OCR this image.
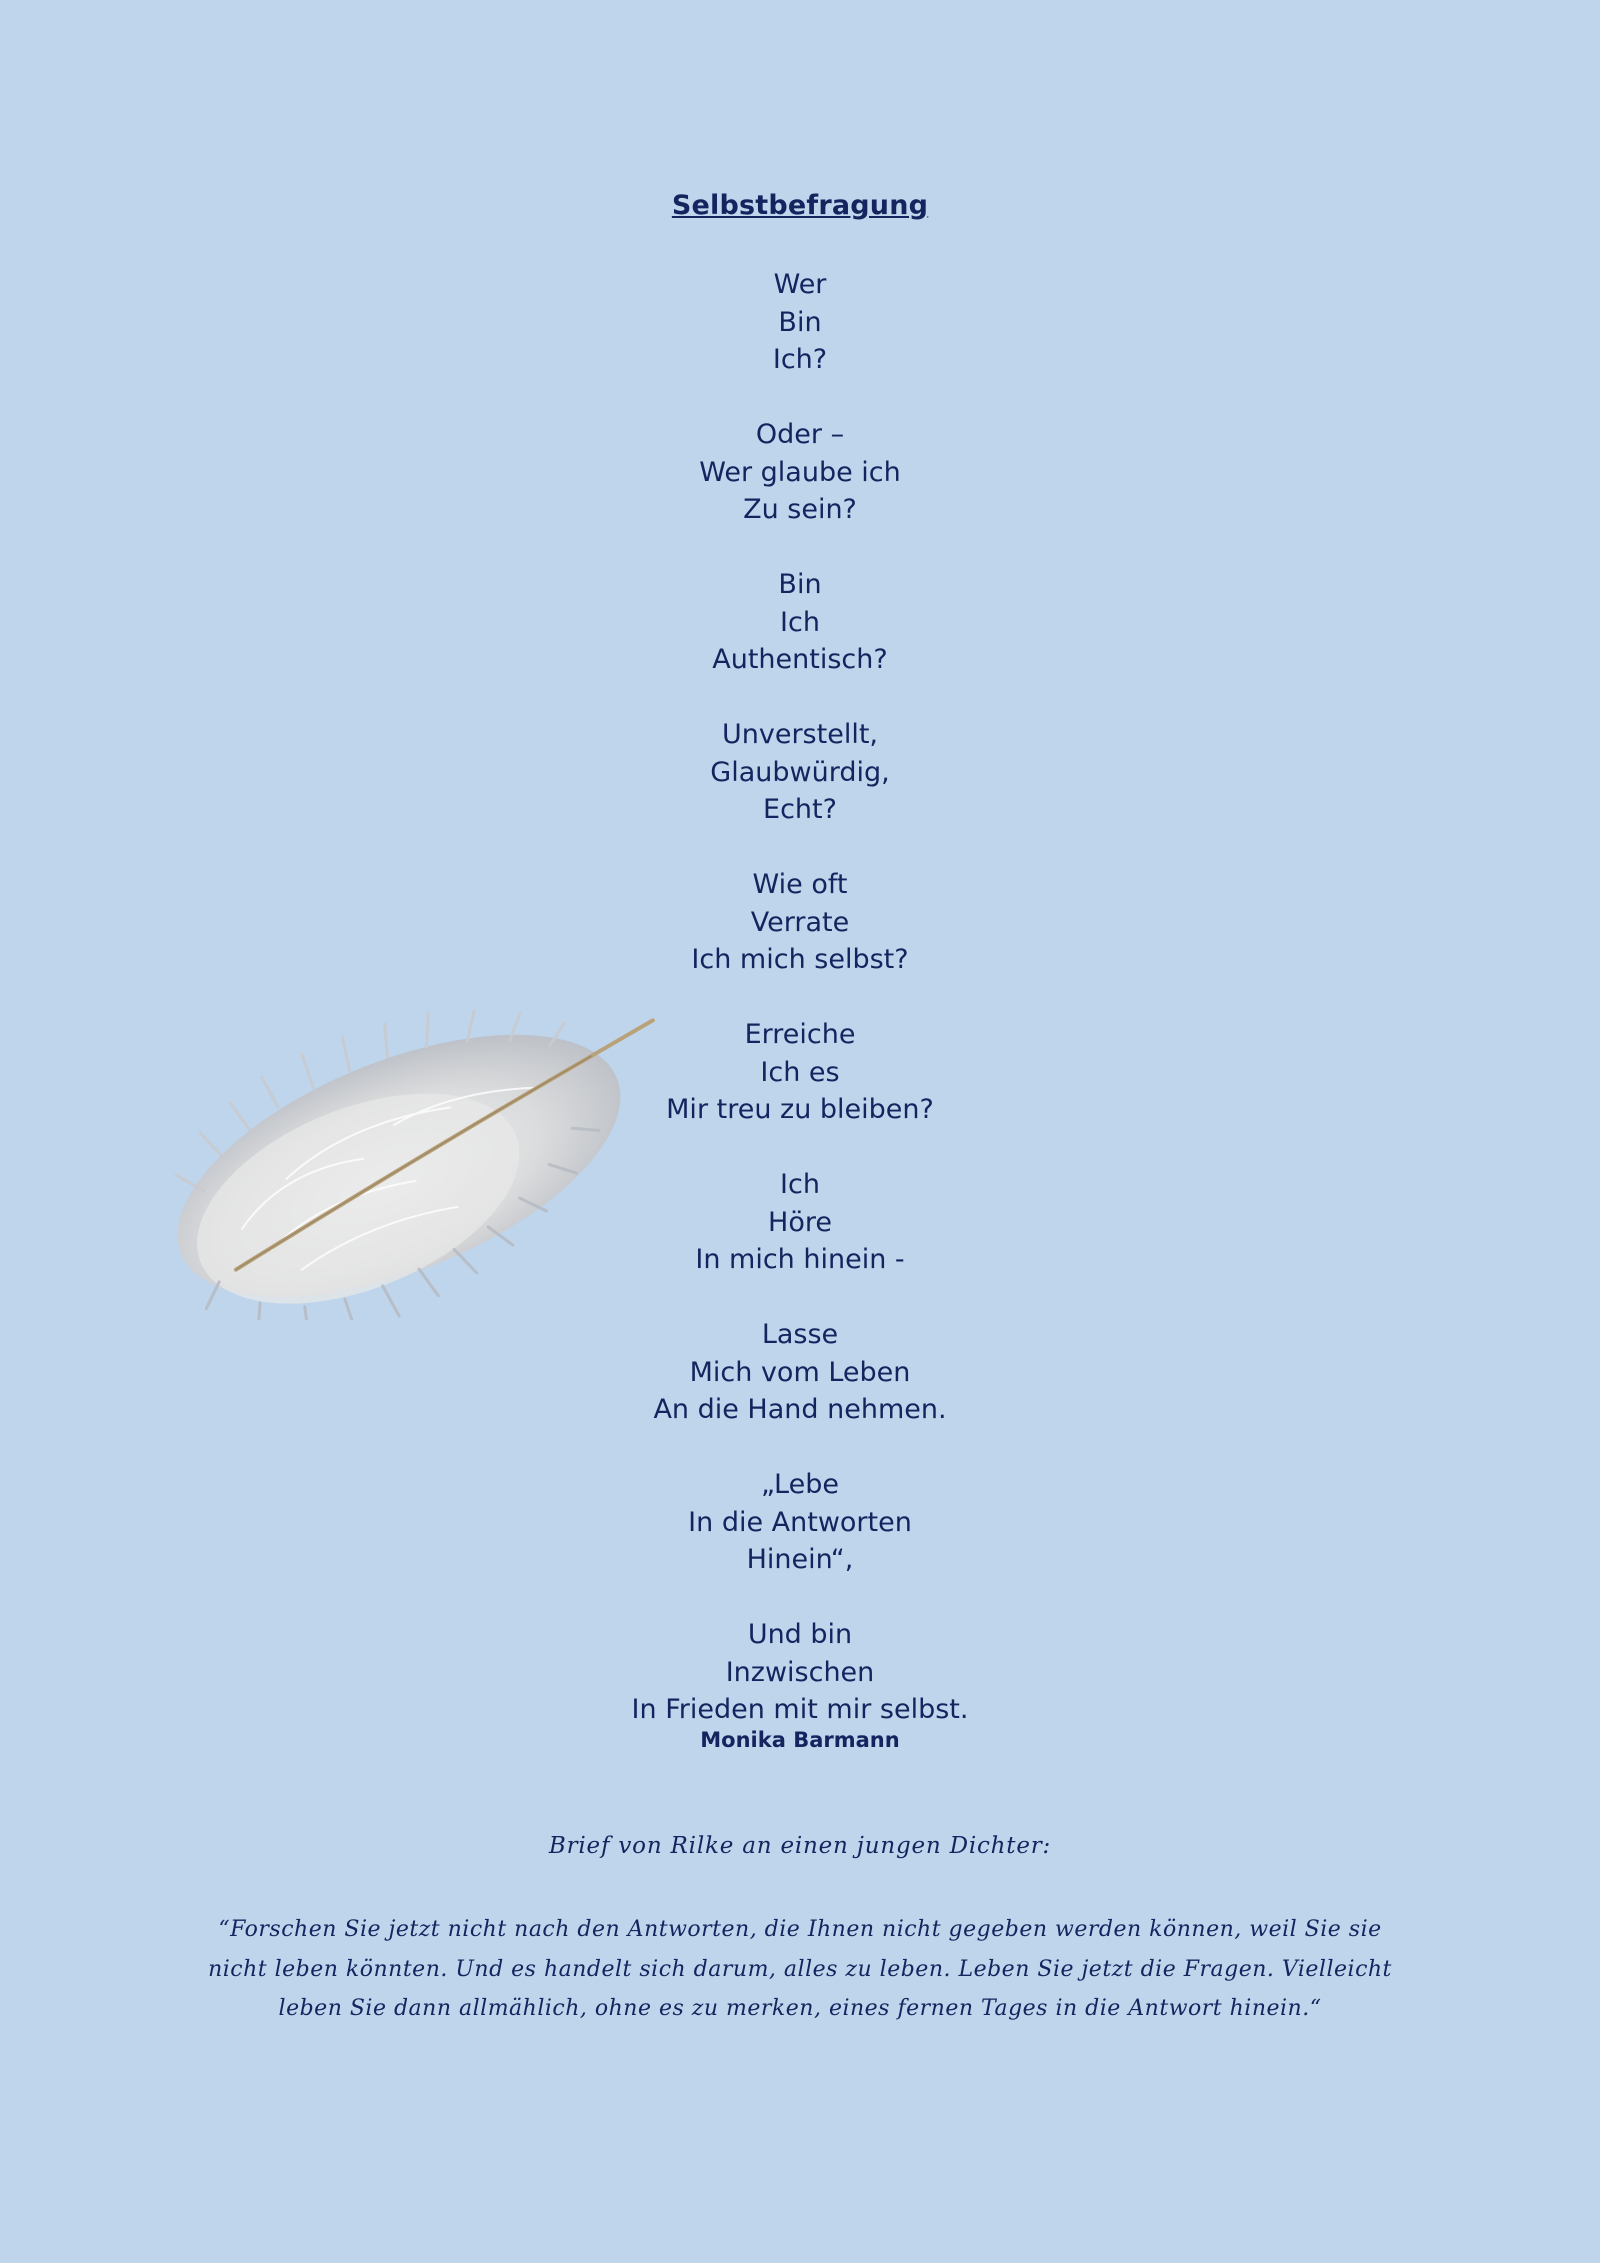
Selbstbefragung
Wer
Bin
Ich?
Oder –
Wer glaube ich
Zu sein?
Bin
Ich
Authentisch?
Unverstellt,
Glaubwürdig,
Echt?
Wie oft
Verrate
Ich mich selbst?
Erreiche
Ich es
Mir treu zu bleiben?
Ich
Höre
In mich hinein -
Lasse
Mich vom Leben
An die Hand nehmen.
„Lebe
In die Antworten
Hinein“,
Und bin
Inzwischen
In Frieden mit mir selbst.
Monika Barmann
Brief von Rilke an einen jungen Dichter:
“Forschen Sie jetzt nicht nach den Antworten, die Ihnen nicht gegeben werden können, weil Sie sie nicht leben könnten. Und es handelt sich darum, alles zu leben. Leben Sie jetzt die Fragen. Vielleicht leben Sie dann allmählich, ohne es zu merken, eines fernen Tages in die Antwort hinein.“
